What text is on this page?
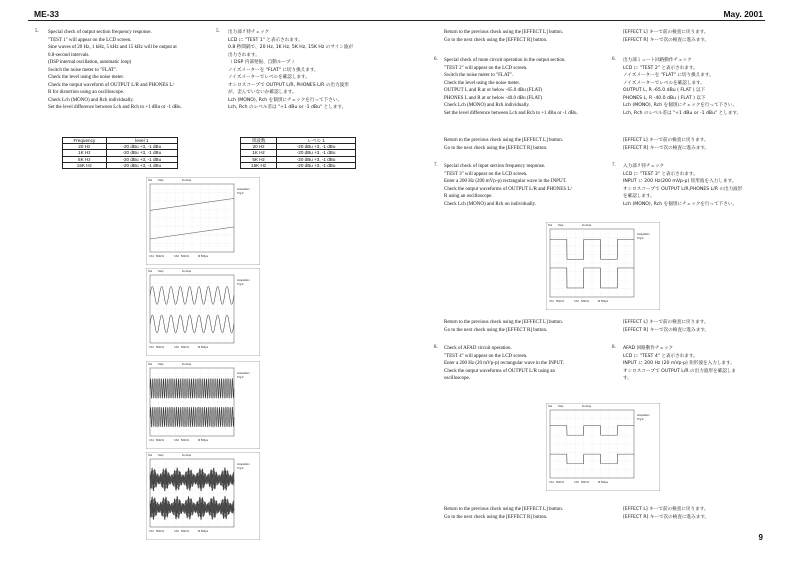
ME-33	May. 2001
5. Special check of output section frequency response.
"TEST 1" will appear on the LCD screen.
Sine waves of 20 Hz, 1 kHz, 5 kHz and 15 kHz will be output at
0.8-second intervals.
(DSP internal oscillation, automatic loop)
Switch the noise meter to "FLAT".
Check the level using the noise meter.
Check the output waveform of OUTPUT L/R and PHONES L/
R for distortion using an oscilloscope.
Check Lch (MONO) and Rch individually.
Set the level difference between Lch and Rch to +1 dBu or -1 dBu.
Frequency	level 1
20 Hz	-20 dBu +3, -1 dBu
1K Hz	-20 dBu +3, -1 dBu
5K Hz	-20 dBu +3, -1 dBu
15K Hz	-20 dBu +3, -1 dBu
5. 出力部 f 特チェック
LCD に "TEST 1" と表示されます。
0.8 秒間隔で、20 Hz, 1K Hz, 5K Hz, 15K Hz のサイン波が
出力されます。
（ DSP 内部発振、自動ループ ）
ノイズメーターを "FLAT" に切り換えます。
ノイズメーターでレベルを確認します。
オシロスコープで OUTPUT L/R, PHONES L/R の出力波形
が、歪んでいないか確認します。
Lch (MONO), Rch を個別にチェックを行って下さい。
Lch, Rch のレベル差は "+1 dBu or -1 dBu" とします。
周波数	レベル 1
20 Hz	-20 dBu +3, -1 dBu
1K Hz	-20 dBu +3, -1 dBu
5K Hz	-20 dBu +3, -1 dBu
15K Hz	-20 dBu +3, -1 dBu
Tek Stop	1k Acqs
Acquisition
Trig'd
Ch1 500mV	Ch2 500mV	M 500μs
Tek Stop	1k Acqs
Acquisition
Trig'd
Ch1 500mV	Ch2 500mV	M 500μs
Tek Stop	1k Acqs
Acquisition
Trig'd
Ch1 500mV	Ch2 500mV	M 500μs
Tek Stop	1k Acqs
Acquisition
Trig'd
Ch1 500mV	Ch2 500mV	M 500μs
Tek Stop	1k Acqs
Acquisition
Trig'd
Ch1 500mV	Ch2 500mV	M 500μs
Tek Stop	1k Acqs
Acquisition
Trig'd
Ch1 500mV	Ch2 500mV	M 500μs
Return to the previous check using the [EFFECT L] button.
Go to the next check using the [EFFECT R] button.
[EFFECT L] キーで前の検査に戻ります。
[EFFECT R] キーで次の検査に進みます。
6. Special check of mute circuit operation in the output section.
"TEST 2" will appear on the LCD screen.
Switch the noise meter to "FLAT".
Check the level using the noise meter.
OUTPUT L and R at or below -65.0 dBu (FLAT)
PHONES L and R at or below -40.0 dBu (FLAT)
Check Lch (MONO) and Rch individually.
Set the level difference between Lch and Rch to +1 dBu or -1 dBu.
6. 出力部ミュート回路動作チェック
LCD に "TEST 2" と表示されます。
ノイズメーターを "FLAT" に切り換えます。
ノイズメーターでレベルを確認します。
OUTPUT L, R -65.0 dBu ( FLAT ) 以下
PHONES L, R -40.0 dBu ( FLAT ) 以下
Lch (MONO), Rch を個別にチェックを行って下さい。
Lch, Rch のレベル差は "+1 dBu or -1 dBu" とします。
Return to the previous check using the [EFFECT L] button.
Go to the next check using the [EFFECT R] button.
[EFFECT L] キーで前の検査に戻ります。
[EFFECT R] キーで次の検査に進みます。
7. Special check of input section frequency response.
"TEST 3" will appear on the LCD screen.
Enter a 200 Hz (200 mVp-p) rectangular wave in the INPUT.
Check the output waveforms of OUTPUT L/R and PHONES L/
R using an oscilloscope.
Check Lch (MONO) and Rch on individually.
7. 入力部 f 特チェック
LCD に "TEST 3" と表示されます。
INPUT に 200 Hz(200 mVp-p) 矩形波を入力します。
オシロスコープで OUTPUT L/R,PHONES L/R の出力波形
を確認します。
Lch (MONO), Rch を個別にチェックを行って下さい。
Return to the previous check using the [EFFECT L] button.
Go to the next check using the [EFFECT R] button.
[EFFECT L] キーで前の検査に戻ります。
[EFFECT R] キーで次の検査に進みます。
8. Check of AFAD circuit operation.
"TEST 4" will appear on the LCD screen.
Enter a 200 Hz (20 mVp-p) rectangular wave in the INPUT.
Check the output waveforms of OUTPUT L/R using an
oscilloscope.
8. AFAD 回路動作チェック
LCD に "TEST 4" と表示されます。
INPUT に 200 Hz (20 mVp-p) 矩形波を入力します。
オシロスコープで OUTPUT L/R の出力波形を確認しま
す。
Return to the previous check using the [EFFECT L] button.
Go to the next check using the [EFFECT R] button.
[EFFECT L] キーで前の検査に戻ります。
[EFFECT R] キーで次の検査に進みます。
9
